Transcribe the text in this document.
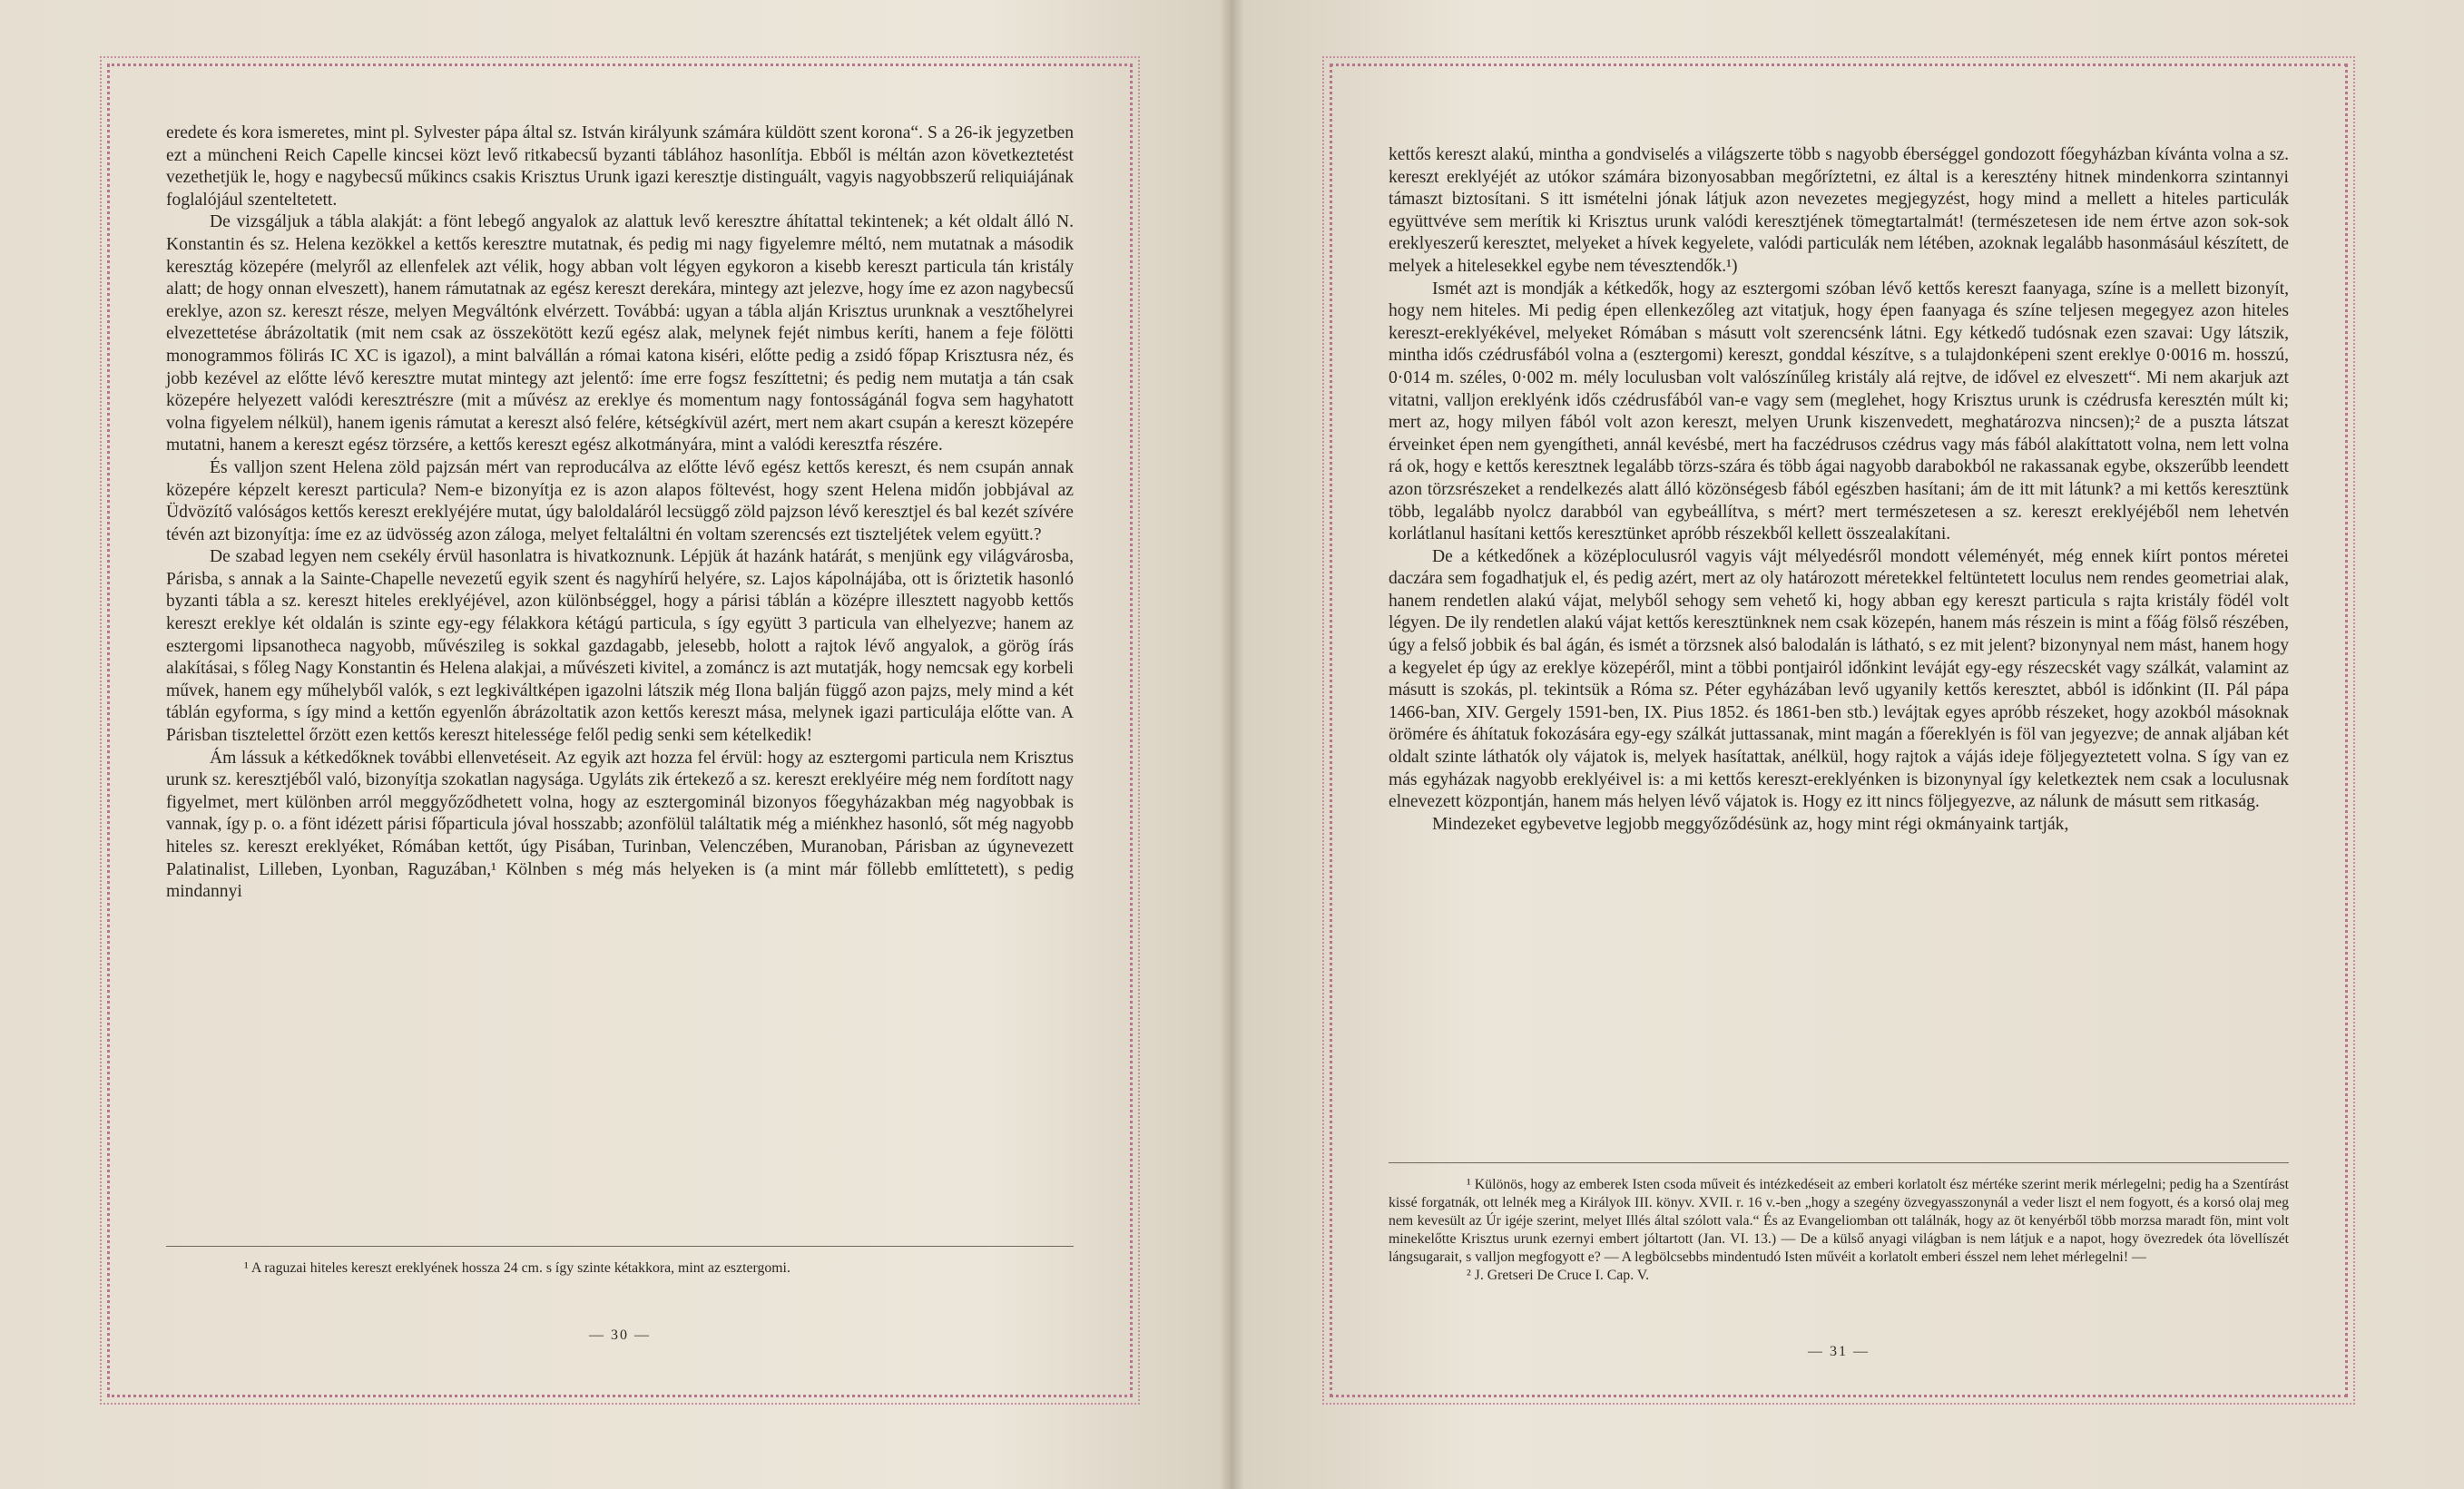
eredete és kora ismeretes, mint pl. Sylvester pápa által sz. István királyunk számára küldött szent korona“. S a 26-ik jegyzetben ezt a müncheni Reich Capelle kincsei közt levő ritkabecsű byzanti táblához hasonlítja. Ebből is méltán azon következtetést vezethetjük le, hogy e nagybecsű műkincs csakis Krisztus Urunk igazi keresztje distinguált, vagyis nagyobbszerű reliquiájának foglalójául szenteltetett.

De vizsgáljuk a tábla alakját: a fönt lebegő angyalok az alattuk levő keresztre áhítattal tekintenek; a két oldalt álló N. Konstantin és sz. Helena kezökkel a kettős keresztre mutatnak, és pedig mi nagy figyelemre méltó, nem mutatnak a második keresztág közepére (melyről az ellenfelek azt vélik, hogy abban volt légyen egykoron a kisebb kereszt particula tán kristály alatt; de hogy onnan elveszett), hanem rámutatnak az egész kereszt derekára, mintegy azt jelezve, hogy íme ez azon nagybecsű ereklye, azon sz. kereszt része, melyen Megváltónk elvérzett. Továbbá: ugyan a tábla alján Krisztus urunknak a vesztőhelyrei elvezettetése ábrázoltatik (mit nem csak az összekötött kezű egész alak, melynek fejét nimbus keríti, hanem a feje fölötti monogrammos fölirás IC XC is igazol), a mint balvállán a római katona kiséri, előtte pedig a zsidó főpap Krisztusra néz, és jobb kezével az előtte lévő keresztre mutat mintegy azt jelentő: íme erre fogsz feszíttetni; és pedig nem mutatja a tán csak közepére helyezett valódi keresztrészre (mit a művész az ereklye és momentum nagy fontosságánál fogva sem hagyhatott volna figyelem nélkül), hanem igenis rámutat a kereszt alsó felére, kétségkívül azért, mert nem akart csupán a kereszt közepére mutatni, hanem a kereszt egész törzsére, a kettős kereszt egész alkotmányára, mint a valódi keresztfa részére.

És valljon szent Helena zöld pajzsán mért van reproducálva az előtte lévő egész kettős kereszt, és nem csupán annak közepére képzelt kereszt particula? Nem-e bizonyítja ez is azon alapos föltevést, hogy szent Helena midőn jobbjával az Üdvözítő valóságos kettős kereszt ereklyéjére mutat, úgy baloldaláról lecsüggő zöld pajzson lévő keresztjel és bal kezét szívére tévén azt bizonyítja: íme ez az üdvösség azon záloga, melyet feltaláltni én voltam szerencsés ezt tiszteljétek velem együtt.?

De szabad legyen nem csekély érvül hasonlatra is hivatkoznunk. Lépjük át hazánk határát, s menjünk egy világvárosba, Párisba, s annak a la Sainte-Chapelle nevezetű egyik szent és nagyhírű helyére, sz. Lajos kápolnájába, ott is őriztetik hasonló byzanti tábla a sz. kereszt hiteles ereklyéjével, azon különbséggel, hogy a párisi táblán a középre illesztett nagyobb kettős kereszt ereklye két oldalán is szinte egy-egy félakkora kétágú particula, s így együtt 3 particula van elhelyezve; hanem az esztergomi lipsanotheca nagyobb, művészileg is sokkal gazdagabb, jelesebb, holott a rajtok lévő angyalok, a görög írás alakításai, s főleg Nagy Konstantin és Helena alakjai, a művészeti kivitel, a zománcz is azt mutatják, hogy nemcsak egy korbeli művek, hanem egy műhelyből valók, s ezt legkiváltképen igazolni látszik még Ilona balján függő azon pajzs, mely mind a két táblán egyforma, s így mind a kettőn egyenlőn ábrázoltatik azon kettős kereszt mása, melynek igazi particulája előtte van. A Párisban tisztelettel őrzött ezen kettős kereszt hitelessége felől pedig senki sem kételkedik!

Ám lássuk a kétkedőknek további ellenvetéseit. Az egyik azt hozza fel érvül: hogy az esztergomi particula nem Krisztus urunk sz. keresztjéből való, bizonyítja szokatlan nagysága. Ugyláts zik értekező a sz. kereszt ereklyéire még nem fordított nagy figyelmet, mert különben arról meggyőződhetett volna, hogy az esztergominál bizonyos főegyházakban még nagyobbak is vannak, így p. o. a fönt idézett párisi főparticula jóval hosszabb; azonfölül találtatik még a miénkhez hasonló, sőt még nagyobb hiteles sz. kereszt ereklyéket, Rómában kettőt, úgy Pisában, Turinban, Velenczében, Muranoban, Párisban az úgynevezett Palatinalist, Lilleben, Lyonban, Raguzában,¹ Kölnben s még más helyeken is (a mint már föllebb említtetett), s pedig mindannyi

¹ A raguzai hiteles kereszt ereklyének hossza 24 cm. s így szinte kétakkora, mint az esztergomi.

— 30 —

kettős kereszt alakú, mintha a gondviselés a világszerte több s nagyobb éberséggel gondozott főegyházban kívánta volna a sz. kereszt ereklyéjét az utókor számára bizonyosabban megőríztetni, ez által is a keresztény hitnek mindenkorra szintannyi támaszt biztosítani. S itt ismételni jónak látjuk azon nevezetes megjegyzést, hogy mind a mellett a hiteles particulák együttvéve sem merítik ki Krisztus urunk valódi keresztjének tömegtartalmát! (természetesen ide nem értve azon sok-sok ereklyeszerű keresztet, melyeket a hívek kegyelete, valódi particulák nem létében, azoknak legalább hasonmásául készített, de melyek a hitelesekkel egybe nem tévesztendők.¹)

Ismét azt is mondják a kétkedők, hogy az esztergomi szóban lévő kettős kereszt faanyaga, színe is a mellett bizonyít, hogy nem hiteles. Mi pedig épen ellenkezőleg azt vitatjuk, hogy épen faanyaga és színe teljesen megegyez azon hiteles kereszt-ereklyékével, melyeket Rómában s másutt volt szerencsénk látni. Egy kétkedő tudósnak ezen szavai: Ugy látszik, mintha idős czédrusfából volna a (esztergomi) kereszt, gonddal készítve, s a tulajdonképeni szent ereklye 0·0016 m. hosszú, 0·014 m. széles, 0·002 m. mély loculusban volt valószínűleg kristály alá rejtve, de idővel ez elveszett“. Mi nem akarjuk azt vitatni, valljon ereklyénk idős czédrusfából van-e vagy sem (meglehet, hogy Krisztus urunk is czédrusfa keresztén múlt ki; mert az, hogy milyen fából volt azon kereszt, melyen Urunk kiszenvedett, meghatározva nincsen);² de a puszta látszat érveinket épen nem gyengítheti, annál kevésbé, mert ha faczédrusos czédrus vagy más fából alakíttatott volna, nem lett volna rá ok, hogy e kettős keresztnek legalább törzs-szára és több ágai nagyobb darabokból ne rakassanak egybe, okszerűbb leendett azon törzsrészeket a rendelkezés alatt álló közönségesb fából egészben hasítani; ám de itt mit látunk? a mi kettős keresztünk több, legalább nyolcz darabból van egybeállítva, s mért? mert természetesen a sz. kereszt ereklyéjéből nem lehetvén korlátlanul hasítani kettős keresztünket apróbb részekből kellett összealakítani.

De a kétkedőnek a középloculusról vagyis vájt mélyedésről mondott véleményét, még ennek kiírt pontos méretei daczára sem fogadhatjuk el, és pedig azért, mert az oly határozott méretekkel feltüntetett loculus nem rendes geometriai alak, hanem rendetlen alakú vájat, melyből sehogy sem vehető ki, hogy abban egy kereszt particula s rajta kristály födél volt légyen. De ily rendetlen alakú vájat kettős keresztünknek nem csak közepén, hanem más részein is mint a főág fölső részében, úgy a felső jobbik és bal ágán, és ismét a törzsnek alsó balodalán is látható, s ez mit jelent? bizonynyal nem mást, hanem hogy a kegyelet ép úgy az ereklye közepéről, mint a többi pontjairól időnkint leváját egy-egy részecskét vagy szálkát, valamint az másutt is szokás, pl. tekintsük a Róma sz. Péter egyházában levő ugyanily kettős keresztet, abból is időnkint (II. Pál pápa 1466-ban, XIV. Gergely 1591-ben, IX. Pius 1852. és 1861-ben stb.) levájtak egyes apróbb részeket, hogy azokból másoknak örömére és áhítatuk fokozására egy-egy szálkát juttassanak, mint magán a főereklyén is föl van jegyezve; de annak aljában két oldalt szinte láthatók oly vájatok is, melyek hasítattak, anélkül, hogy rajtok a vájás ideje följegyeztetett volna. S így van ez más egyházak nagyobb ereklyéivel is: a mi kettős kereszt-ereklyénken is bizonynyal így keletkeztek nem csak a loculusnak elnevezett központján, hanem más helyen lévő vájatok is. Hogy ez itt nincs följegyezve, az nálunk de másutt sem ritkaság.

Mindezeket egybevetve legjobb meggyőződésünk az, hogy mint régi okmányaink tartják,

¹ Különös, hogy az emberek Isten csoda műveit és intézkedéseit az emberi korlatolt ész mértéke szerint merik mérlegelni; pedig ha a Szentírást kissé forgatnák, ott lelnék meg a Királyok III. könyv. XVII. r. 16 v.-ben „hogy a szegény özvegyasszonynál a veder liszt el nem fogyott, és a korsó olaj meg nem kevesült az Úr igéje szerint, melyet Illés által szólott vala.“ És az Evangeliomban ott találnák, hogy az öt kenyérből több morzsa maradt fön, mint volt minekelőtte Krisztus urunk ezernyi embert jóltartott (Jan. VI. 13.) — De a külső anyagi világban is nem látjuk e a napot, hogy övezredek óta lövellíszét lángsugarait, s valljon megfogyott e? — A legbölcsebbs mindentudó Isten művéit a korlatolt emberi ésszel nem lehet mérlegelni! —

² J. Gretseri De Cruce I. Cap. V.

— 31 —
